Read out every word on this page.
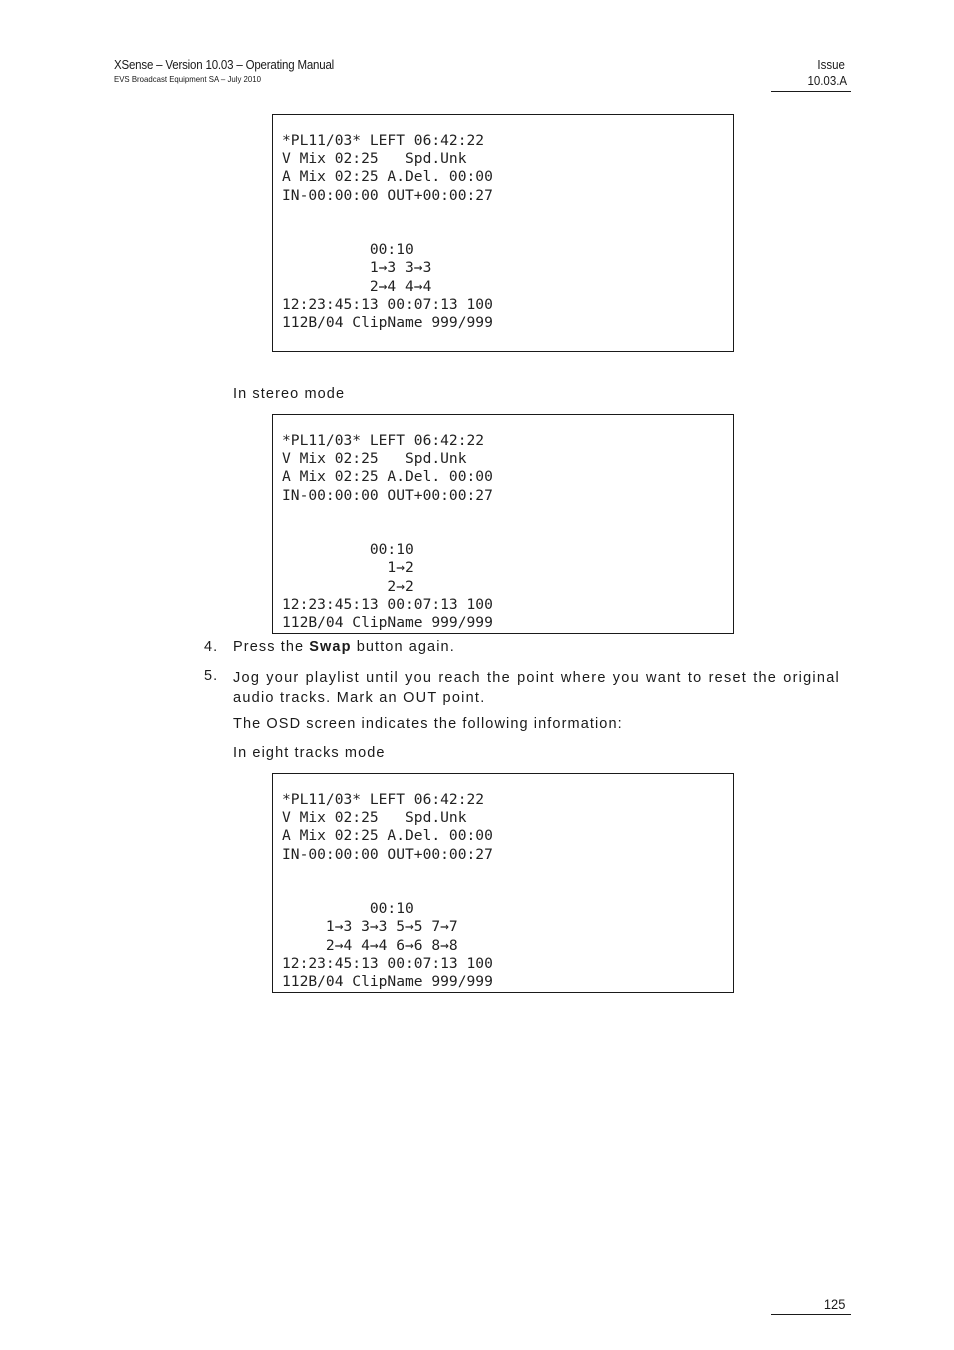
XSense – Version 10.03 – Operating Manual
EVS Broadcast Equipment SA – July 2010
Issue
10.03.A
*PL11/03* LEFT 06:42:22
V Mix 02:25   Spd.Unk
A Mix 02:25 A.Del. 00:00
IN-00:00:00 OUT+00:00:27
00:10
1→3 3→3
2→4 4→4
12:23:45:13 00:07:13 100
112B/04 ClipName 999/999
In stereo mode
*PL11/03* LEFT 06:42:22
V Mix 02:25   Spd.Unk
A Mix 02:25 A.Del. 00:00
IN-00:00:00 OUT+00:00:27
00:10
1→2
2→2
12:23:45:13 00:07:13 100
112B/04 ClipName 999/999
4. Press the Swap button again.
5. Jog your playlist until you reach the point where you want to reset the original audio tracks. Mark an OUT point.
The OSD screen indicates the following information:
In eight tracks mode
*PL11/03* LEFT 06:42:22
V Mix 02:25   Spd.Unk
A Mix 02:25 A.Del. 00:00
IN-00:00:00 OUT+00:00:27
00:10
1→3 3→3 5→5 7→7
2→4 4→4 6→6 8→8
12:23:45:13 00:07:13 100
112B/04 ClipName 999/999
125
